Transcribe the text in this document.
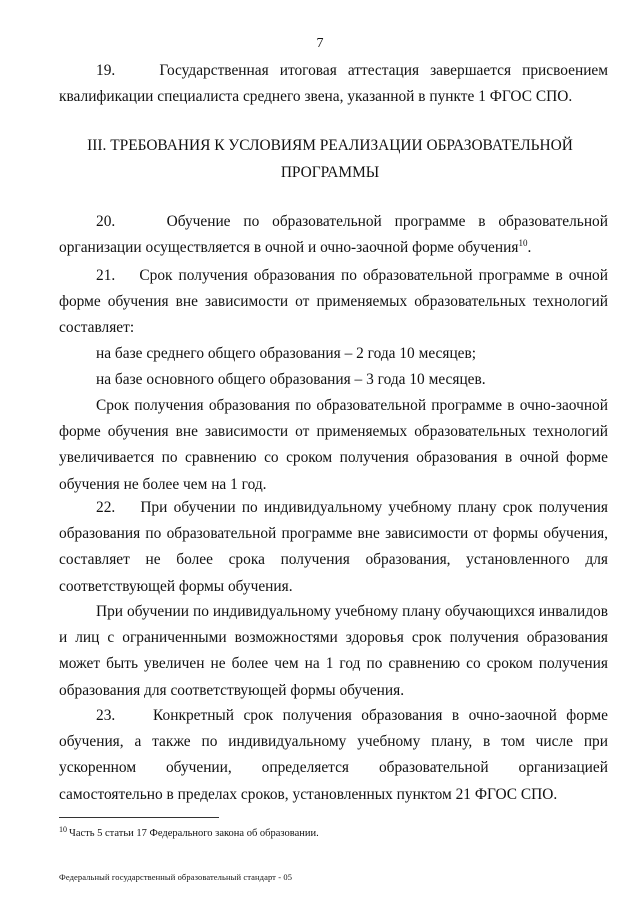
7

19.    Государственная итоговая аттестация завершается присвоением квалификации специалиста среднего звена, указанной в пункте 1 ФГОС СПО.

III. ТРЕБОВАНИЯ К УСЛОВИЯМ РЕАЛИЗАЦИИ ОБРАЗОВАТЕЛЬНОЙ ПРОГРАММЫ

20.    Обучение по образовательной программе в образовательной организации осуществляется в очной и очно-заочной форме обучения$^{10}$.

21.    Срок получения образования по образовательной программе в очной форме обучения вне зависимости от применяемых образовательных технологий составляет:

на базе среднего общего образования – 2 года 10 месяцев;

на базе основного общего образования – 3 года 10 месяцев.

Срок получения образования по образовательной программе в очно-заочной форме обучения вне зависимости от применяемых образовательных технологий увеличивается по сравнению со сроком получения образования в очной форме обучения не более чем на 1 год.

22.    При обучении по индивидуальному учебному плану срок получения образования по образовательной программе вне зависимости от формы обучения, составляет не более срока получения образования, установленного для соответствующей формы обучения.

При обучении по индивидуальному учебному плану обучающихся инвалидов и лиц с ограниченными возможностями здоровья срок получения образования может быть увеличен не более чем на 1 год по сравнению со сроком получения образования для соответствующей формы обучения.

23.    Конкретный срок получения образования в очно-заочной форме обучения, а также по индивидуальному учебному плану, в том числе при ускоренном обучении, определяется образовательной организацией самостоятельно в пределах сроков, установленных пунктом 21 ФГОС СПО.

$^{10}$ Часть 5 статьи 17 Федерального закона об образовании.
Федеральный государственный образовательный стандарт - 05
